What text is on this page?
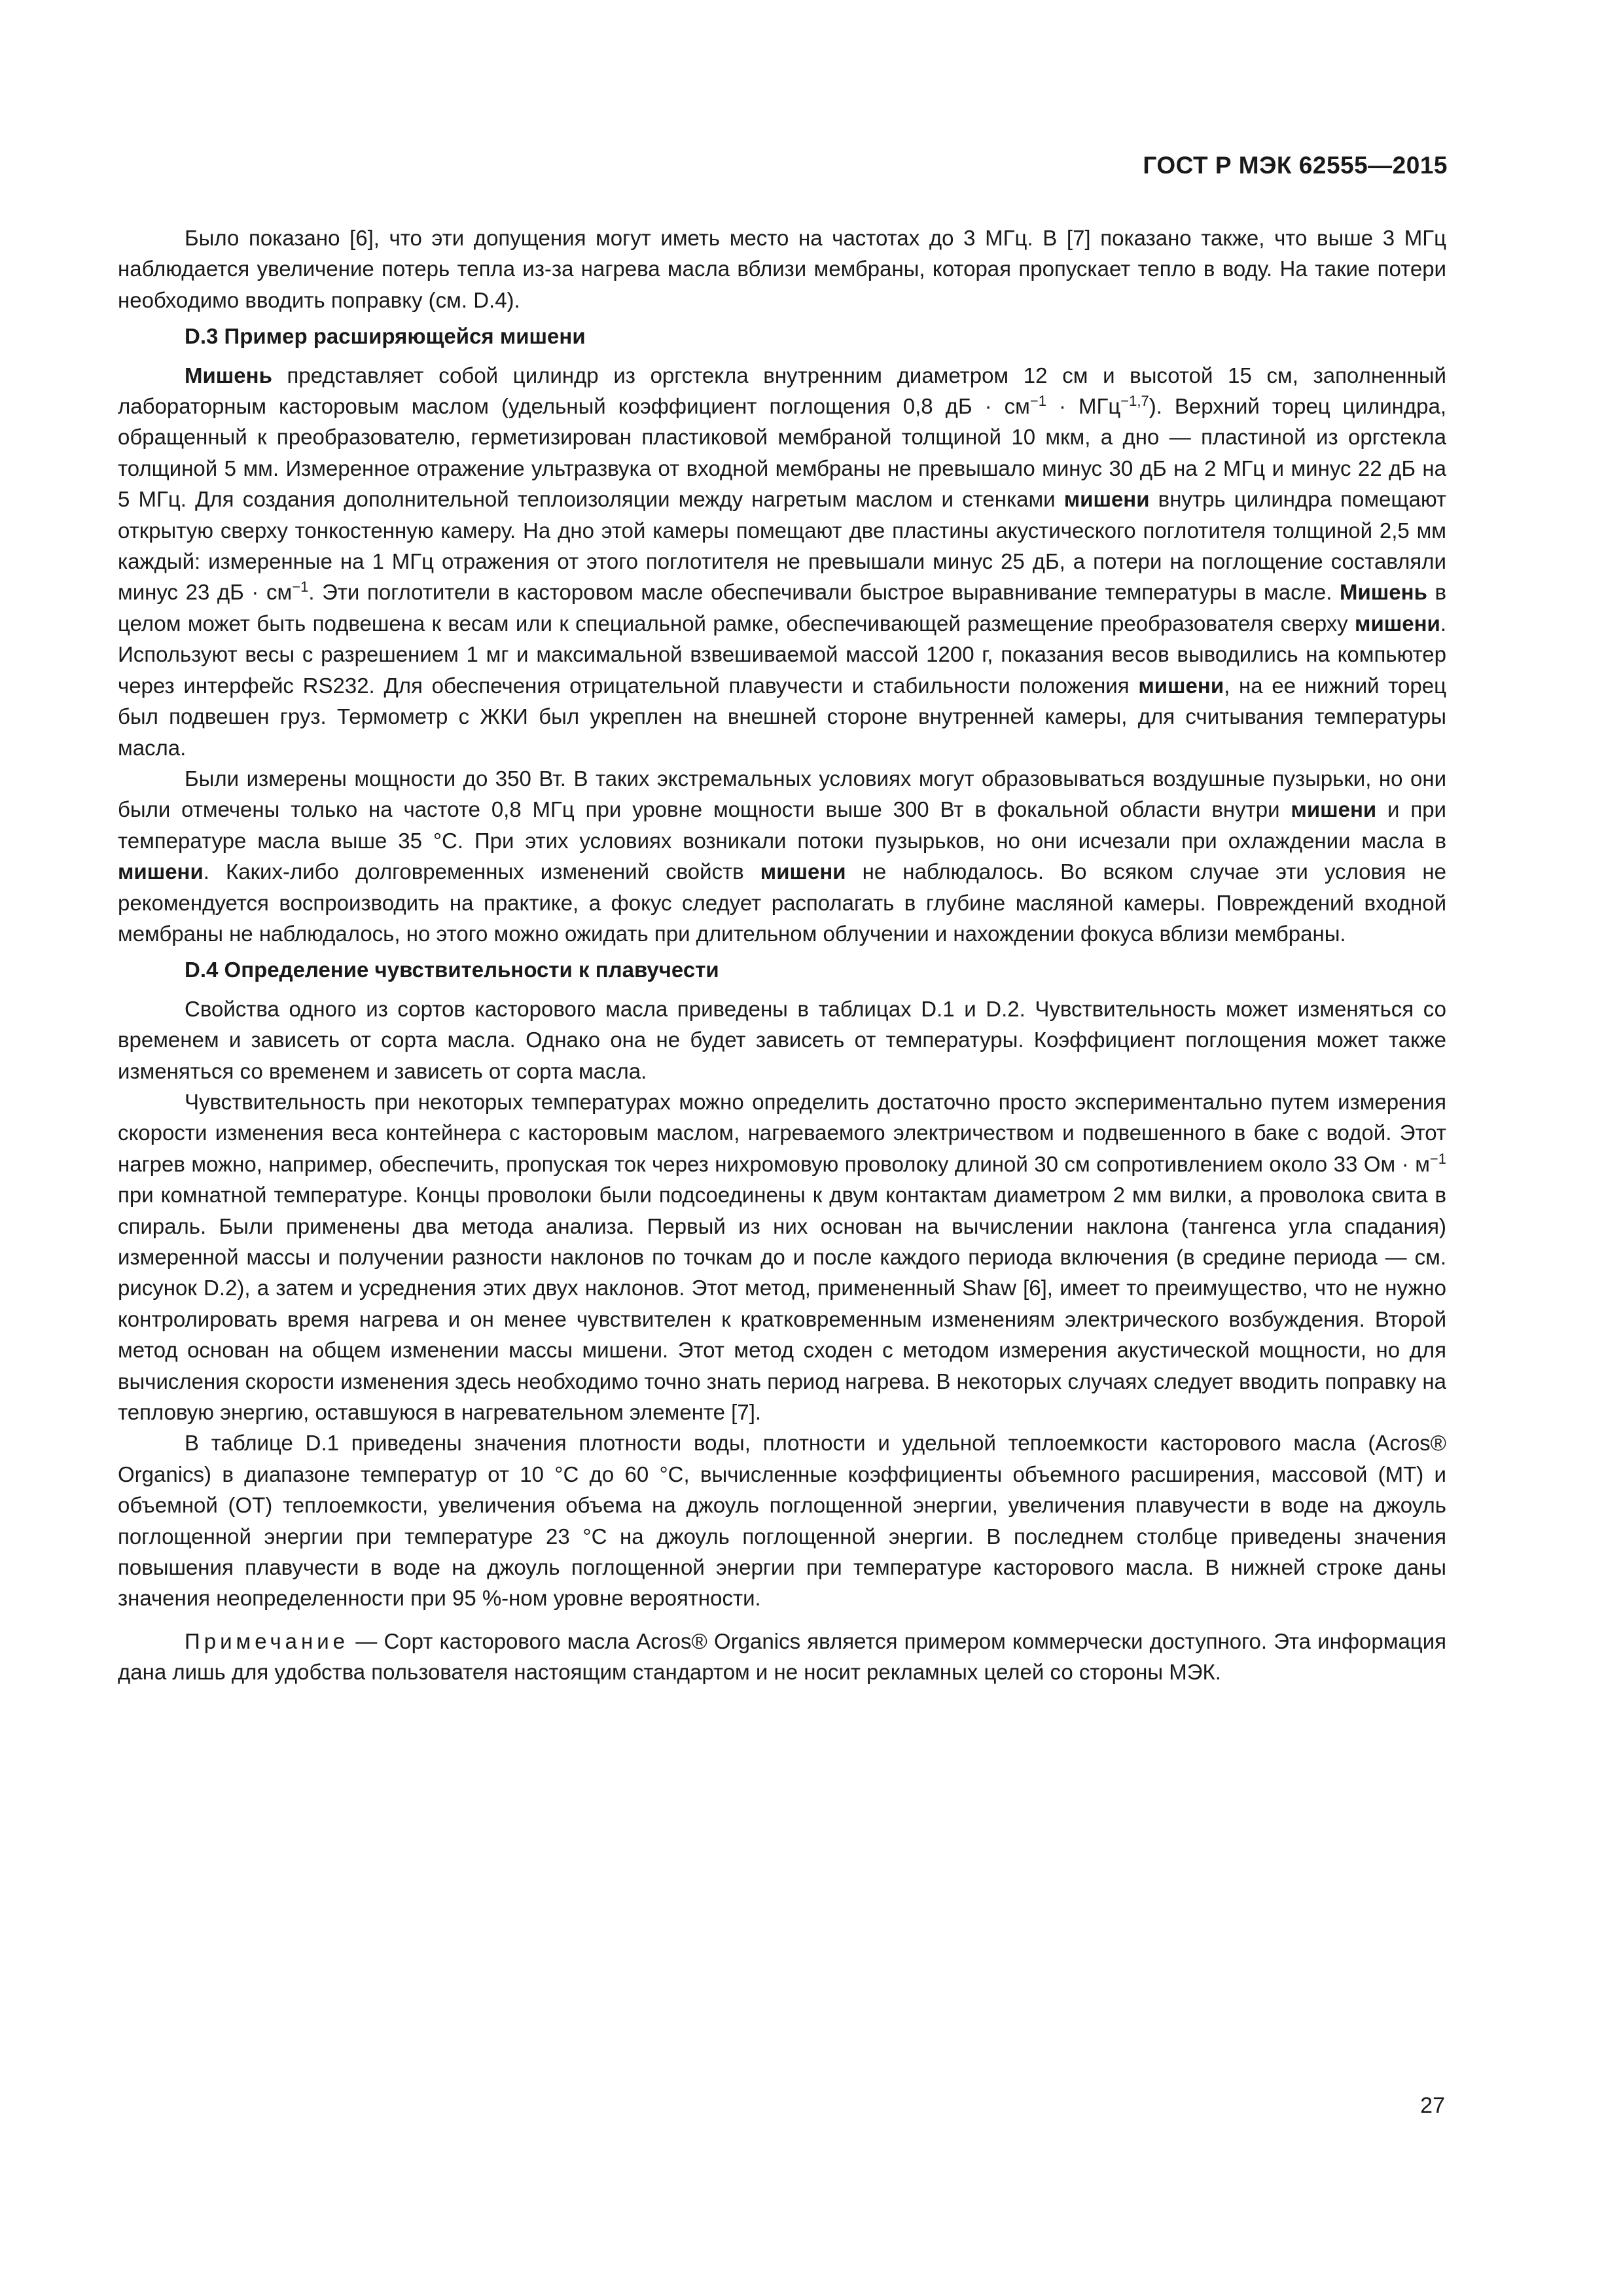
ГОСТ Р МЭК 62555—2015

Было показано [6], что эти допущения могут иметь место на частотах до 3 МГц. В [7] показано также, что выше 3 МГц наблюдается увеличение потерь тепла из-за нагрева масла вблизи мембраны, которая пропускает тепло в воду. На такие потери необходимо вводить поправку (см. D.4).

D.3 Пример расширяющейся мишени

Мишень представляет собой цилиндр из оргстекла внутренним диаметром 12 см и высотой 15 см, заполненный лабораторным касторовым маслом (удельный коэффициент поглощения 0,8 дБ · $см^{-1} \cdot МГц^{-1,7}$). Верхний торец цилиндра, обращенный к преобразователю, герметизирован пластиковой мембраной толщиной 10 мкм, а дно — пластиной из оргстекла толщиной 5 мм. Измеренное отражение ультразвука от входной мембраны не превышало минус 30 дБ на 2 МГц и минус 22 дБ на 5 МГц. Для создания дополнительной теплоизоляции между нагретым маслом и стенками мишени внутрь цилиндра помещают открытую сверху тонкостенную камеру. На дно этой камеры помещают две пластины акустического поглотителя толщиной 2,5 мм каждый: измеренные на 1 МГц отражения от этого поглотителя не превышали минус 25 дБ, а потери на поглощение составляли минус 23 дБ · $см^{-1}$. Эти поглотители в касторовом масле обеспечивали быстрое выравнивание температуры в масле. Мишень в целом может быть подвешена к весам или к специальной рамке, обеспечивающей размещение преобразователя сверху мишени. Используют весы с разрешением 1 мг и максимальной взвешиваемой массой 1200 г, показания весов выводились на компьютер через интерфейс RS232. Для обеспечения отрицательной плавучести и стабильности положения мишени, на ее нижний торец был подвешен груз. Термометр с ЖКИ был укреплен на внешней стороне внутренней камеры, для считывания температуры масла.

Были измерены мощности до 350 Вт. В таких экстремальных условиях могут образовываться воздушные пузырьки, но они были отмечены только на частоте 0,8 МГц при уровне мощности выше 300 Вт в фокальной области внутри мишени и при температуре масла выше 35 °С. При этих условиях возникали потоки пузырьков, но они исчезали при охлаждении масла в мишени. Каких-либо долговременных изменений свойств мишени не наблюдалось. Во всяком случае эти условия не рекомендуется воспроизводить на практике, а фокус следует располагать в глубине масляной камеры. Повреждений входной мембраны не наблюдалось, но этого можно ожидать при длительном облучении и нахождении фокуса вблизи мембраны.

D.4 Определение чувствительности к плавучести

Свойства одного из сортов касторового масла приведены в таблицах D.1 и D.2. Чувствительность может изменяться со временем и зависеть от сорта масла. Однако она не будет зависеть от температуры. Коэффициент поглощения может также изменяться со временем и зависеть от сорта масла.

Чувствительность при некоторых температурах можно определить достаточно просто экспериментально путем измерения скорости изменения веса контейнера с касторовым маслом, нагреваемого электричеством и подвешенного в баке с водой. Этот нагрев можно, например, обеспечить, пропуская ток через нихромовую проволоку длиной 30 см сопротивлением около 33 Ом · $м^{-1}$ при комнатной температуре. Концы проволоки были подсоединены к двум контактам диаметром 2 мм вилки, а проволока свита в спираль. Были применены два метода анализа. Первый из них основан на вычислении наклона (тангенса угла спадания) измеренной массы и получении разности наклонов по точкам до и после каждого периода включения (в средине периода — см. рисунок D.2), а затем и усреднения этих двух наклонов. Этот метод, примененный Shaw [6], имеет то преимущество, что не нужно контролировать время нагрева и он менее чувствителен к кратковременным изменениям электрического возбуждения. Второй метод основан на общем изменении массы мишени. Этот метод сходен с методом измерения акустической мощности, но для вычисления скорости изменения здесь необходимо точно знать период нагрева. В некоторых случаях следует вводить поправку на тепловую энергию, оставшуюся в нагревательном элементе [7].

В таблице D.1 приведены значения плотности воды, плотности и удельной теплоемкости касторового масла (Acros® Organics) в диапазоне температур от 10 °С до 60 °С, вычисленные коэффициенты объемного расширения, массовой (МТ) и объемной (ОТ) теплоемкости, увеличения объема на джоуль поглощенной энергии, увеличения плавучести в воде на джоуль поглощенной энергии при температуре 23 °С на джоуль поглощенной энергии. В последнем столбце приведены значения повышения плавучести в воде на джоуль поглощенной энергии при температуре касторового масла. В нижней строке даны значения неопределенности при 95 %-ном уровне вероятности.

Примечание — Сорт касторового масла Acros® Organics является примером коммерчески доступного. Эта информация дана лишь для удобства пользователя настоящим стандартом и не носит рекламных целей со стороны МЭК.

27
